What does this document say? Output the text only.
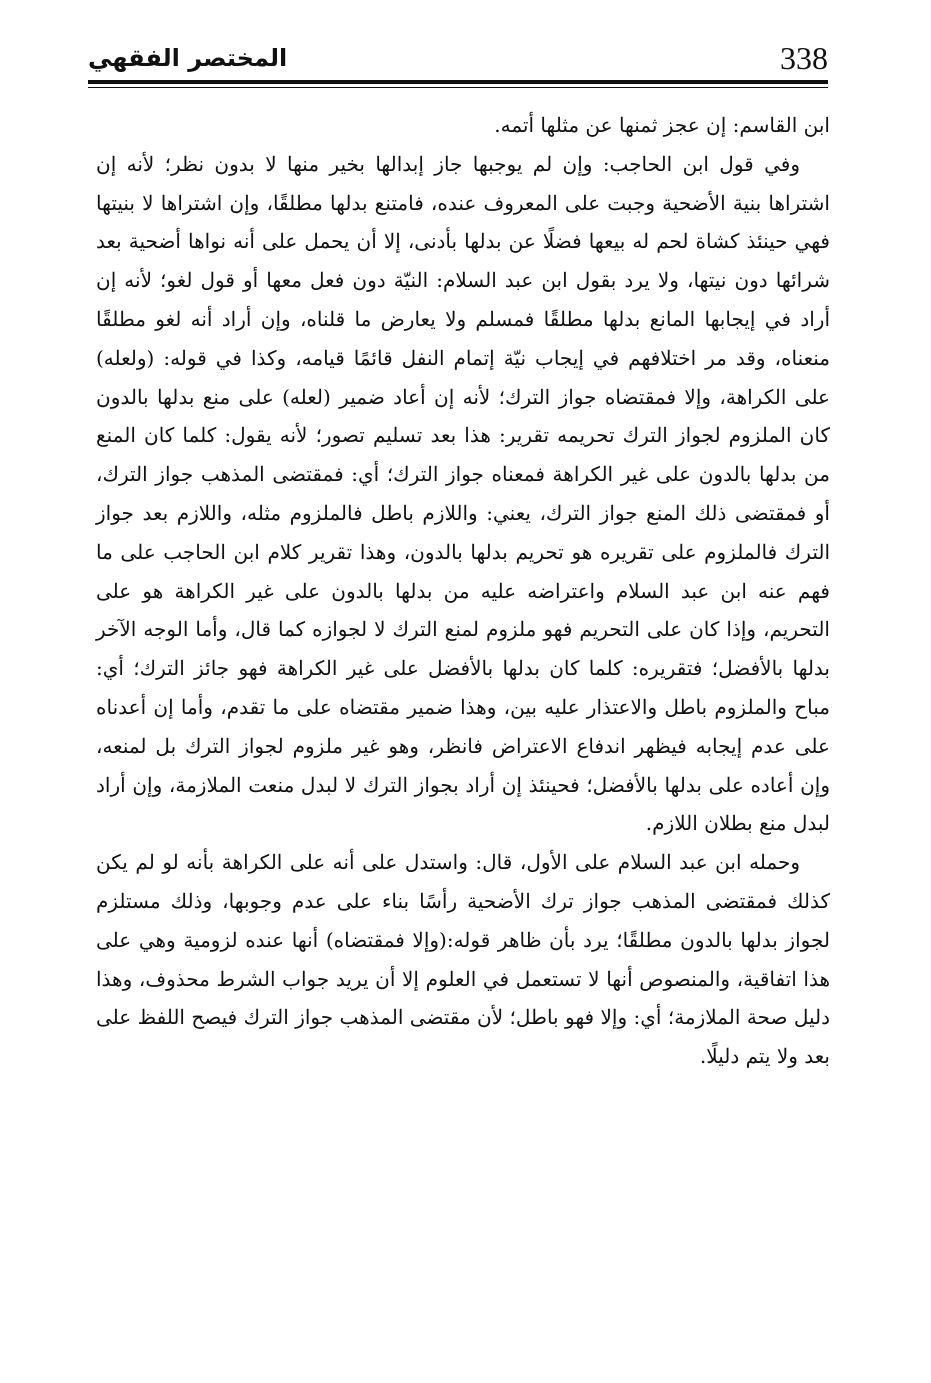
المختصر الفقهي	338

ابن القاسم: إن عجز ثمنها عن مثلها أتمه.

وفي قول ابن الحاجب: وإن لم يوجبها جاز إبدالها بخير منها لا بدون نظر؛ لأنه إن اشتراها بنية الأضحية وجبت على المعروف عنده، فامتنع بدلها مطلقًا، وإن اشتراها لا بنيتها فهي حينئذ كشاة لحم له بيعها فضلًا عن بدلها بأدنى، إلا أن يحمل على أنه نواها أضحية بعد شرائها دون نيتها، ولا يرد بقول ابن عبد السلام: النيّة دون فعل معها أو قول لغو؛ لأنه إن أراد في إيجابها المانع بدلها مطلقًا فمسلم ولا يعارض ما قلناه، وإن أراد أنه لغو مطلقًا منعناه، وقد مر اختلافهم في إيجاب نيّة إتمام النفل قائمًا قيامه، وكذا في قوله: (ولعله) على الكراهة، وإلا فمقتضاه جواز الترك؛ لأنه إن أعاد ضمير (لعله) على منع بدلها بالدون كان الملزوم لجواز الترك تحريمه تقرير: هذا بعد تسليم تصور؛ لأنه يقول: كلما كان المنع من بدلها بالدون على غير الكراهة فمعناه جواز الترك؛ أي: فمقتضى المذهب جواز الترك، أو فمقتضى ذلك المنع جواز الترك، يعني: واللازم باطل فالملزوم مثله، واللازم بعد جواز الترك فالملزوم على تقريره هو تحريم بدلها بالدون، وهذا تقرير كلام ابن الحاجب على ما فهم عنه ابن عبد السلام واعتراضه عليه من بدلها بالدون على غير الكراهة هو على التحريم، وإذا كان على التحريم فهو ملزوم لمنع الترك لا لجوازه كما قال، وأما الوجه الآخر بدلها بالأفضل؛ فتقريره: كلما كان بدلها بالأفضل على غير الكراهة فهو جائز الترك؛ أي: مباح والملزوم باطل والاعتذار عليه بين، وهذا ضمير مقتضاه على ما تقدم، وأما إن أعدناه على عدم إيجابه فيظهر اندفاع الاعتراض فانظر، وهو غير ملزوم لجواز الترك بل لمنعه، وإن أعاده على بدلها بالأفضل؛ فحينئذ إن أراد بجواز الترك لا لبدل منعت الملازمة، وإن أراد لبدل منع بطلان اللازم.

وحمله ابن عبد السلام على الأول، قال: واستدل على أنه على الكراهة بأنه لو لم يكن كذلك فمقتضى المذهب جواز ترك الأضحية رأسًا بناء على عدم وجوبها، وذلك مستلزم لجواز بدلها بالدون مطلقًا؛ يرد بأن ظاهر قوله:(وإلا فمقتضاه) أنها عنده لزومية وهي على هذا اتفاقية، والمنصوص أنها لا تستعمل في العلوم إلا أن يريد جواب الشرط محذوف، وهذا دليل صحة الملازمة؛ أي: وإلا فهو باطل؛ لأن مقتضى المذهب جواز الترك فيصح اللفظ على بعد ولا يتم دليلًا.
